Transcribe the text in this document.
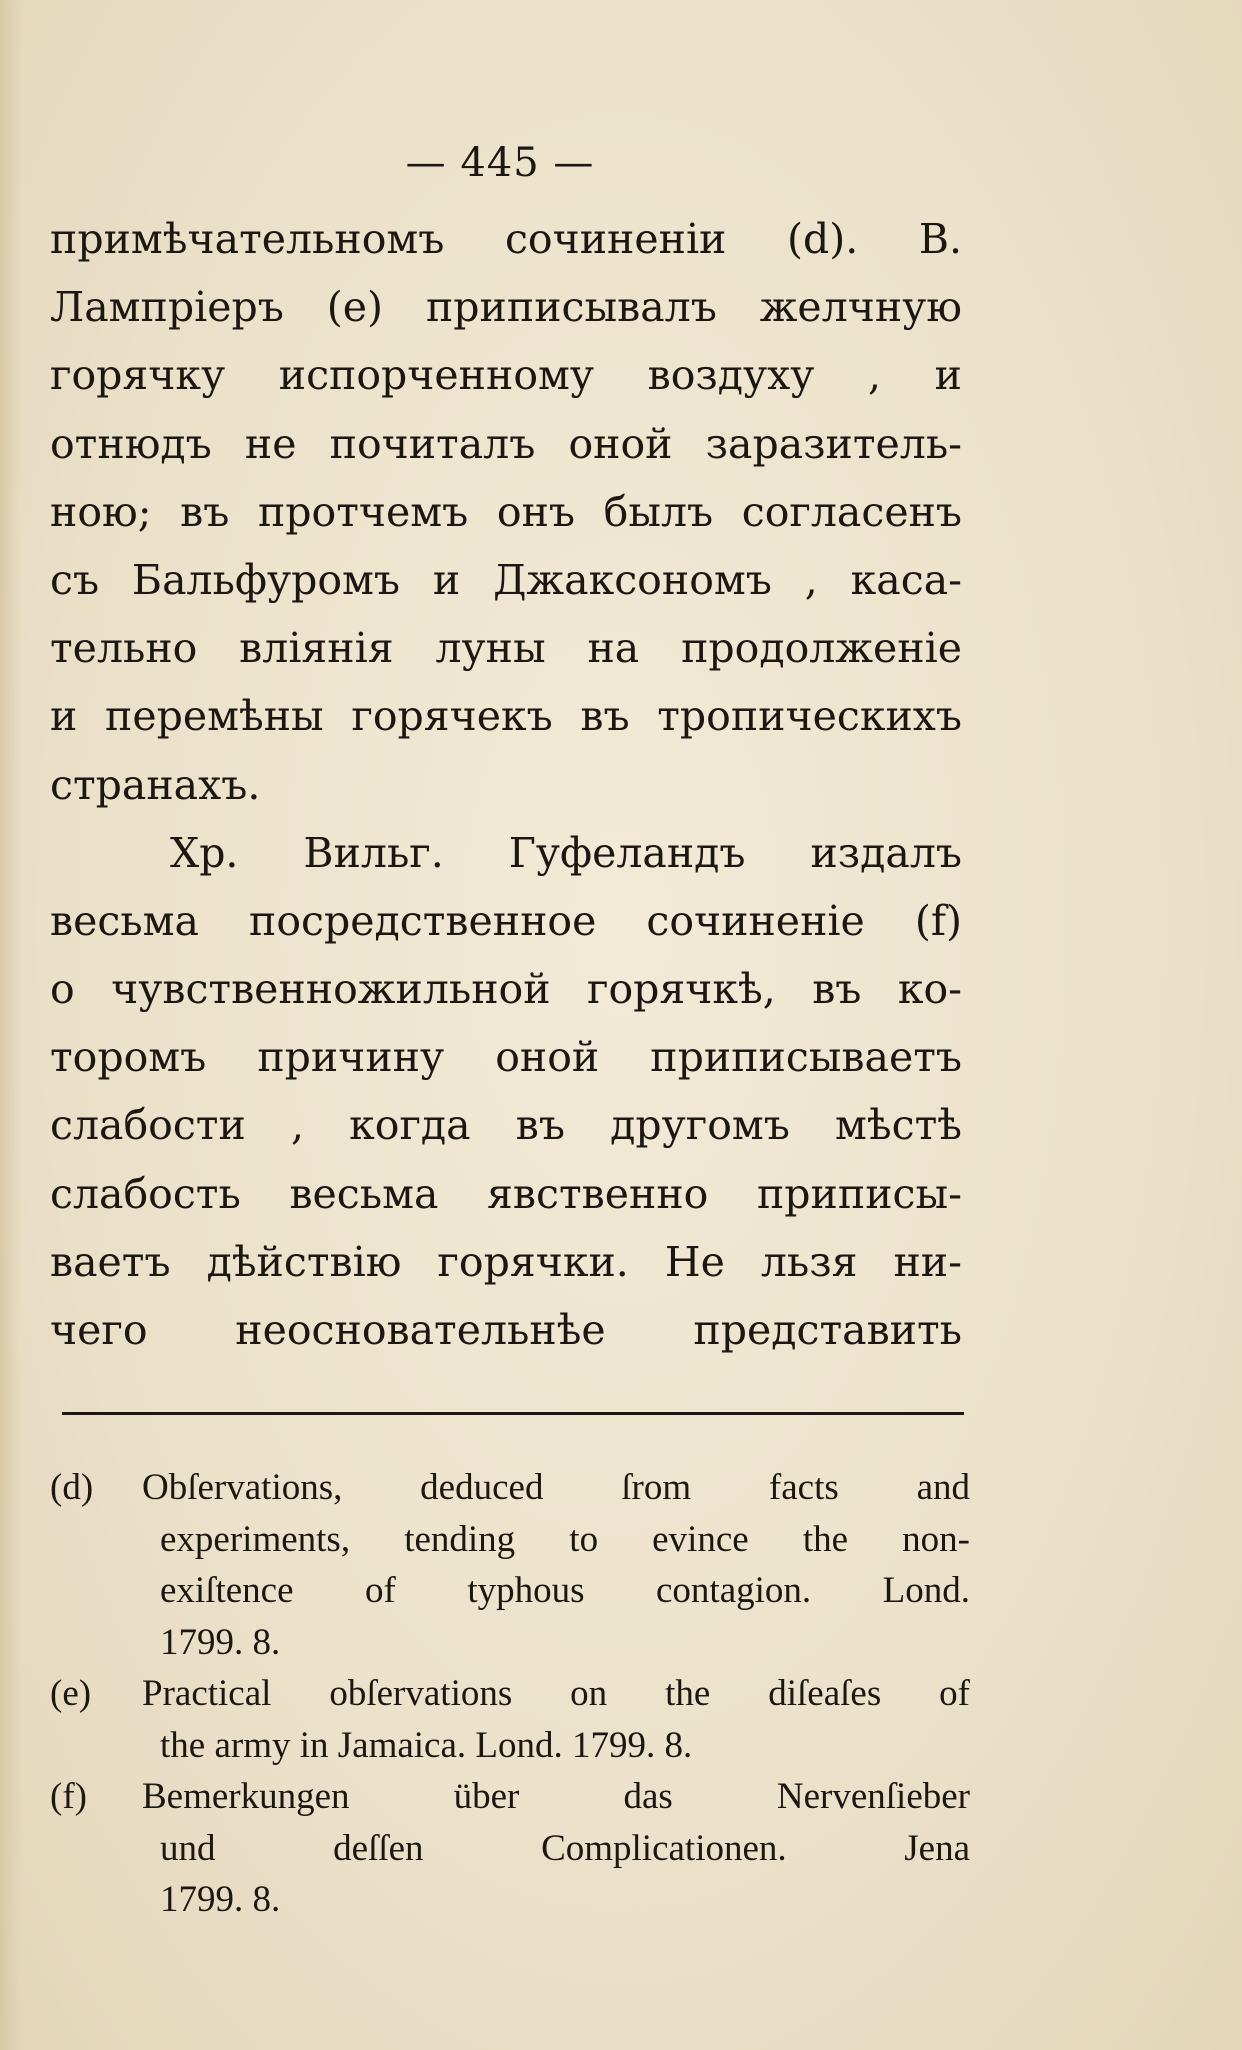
— 445 —
примѣчательномъ сочиненіи (d). В.
Лампріеръ (е) приписывалъ желчную
горячку испорченному воздуху , и
отнюдъ не почиталъ оной заразитель-
ною; въ протчемъ онъ былъ согласенъ
съ Бальфуромъ и Джаксономъ , каса-
тельно вліянія луны на продолженіе
и перемѣны горячекъ въ тропическихъ
странахъ.
Хр. Вильг. Гуфеландъ издалъ
весьма посредственное сочиненіе (f)
о чувственножильной горячкѣ, въ ко-
торомъ причину оной приписываетъ
слабости , когда въ другомъ мѣстѣ
слабость весьма явственно приписы-
ваетъ дѣйствію горячки. Не льзя ни-
чего неосновательнѣе представить
(d) Obſervations, deduced ſrom facts and
experiments, tending to evince the non-
exiſtence of typhous contagion. Lond.
1799. 8.
(e) Practical obſervations on the diſeaſes of
the army in Jamaica. Lond. 1799. 8.
(f) Bemerkungen über das Nervenſieber
und deſſen Complicationen. Jena
1799. 8.
